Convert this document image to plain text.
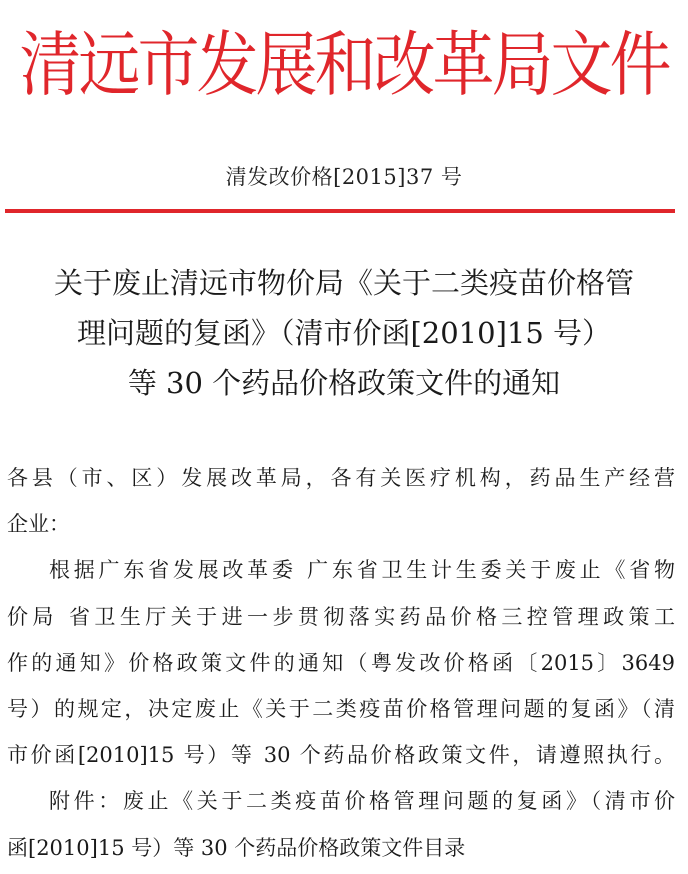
清远市发展和改革局文件
清发改价格[2015]37 号
关于废止清远市物价局《关于二类疫苗价格管
理问题的复函》（清市价函[2010]15 号）
等 30 个药品价格政策文件的通知
各县（市、区）发展改革局，各有关医疗机构，药品生产经营
企业：
根据广东省发展改革委 广东省卫生计生委关于废止《省物
价局 省卫生厅关于进一步贯彻落实药品价格三控管理政策工
作的通知》价格政策文件的通知（粤发改价格函〔2015〕3649
号）的规定，决定废止《关于二类疫苗价格管理问题的复函》（清
市价函[2010]15 号）等 30 个药品价格政策文件，请遵照执行。
附件：废止《关于二类疫苗价格管理问题的复函》（清市价
函[2010]15 号）等 30 个药品价格政策文件目录
